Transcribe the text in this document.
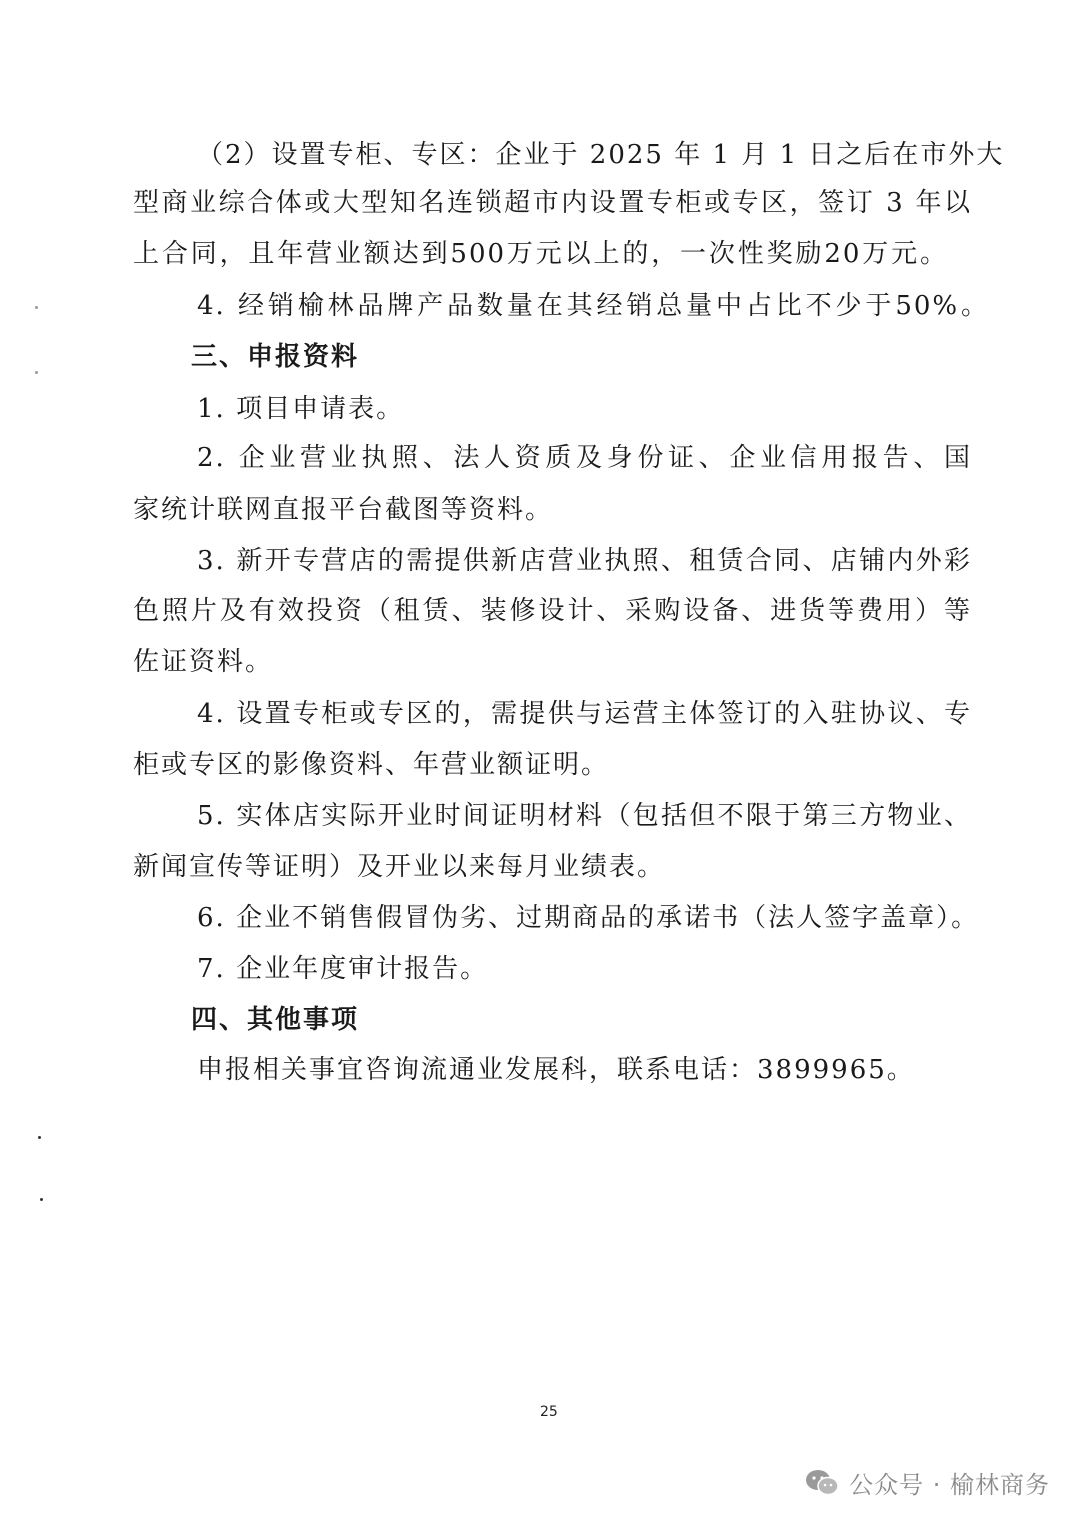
（2）设置专柜、专区：企业于 2025 年 1 月 1 日之后在市外大
型商业综合体或大型知名连锁超市内设置专柜或专区，签订 3 年以
上合同，且年营业额达到500万元以上的，一次性奖励20万元。
4. 经销榆林品牌产品数量在其经销总量中占比不少于50%。
三、申报资料
1. 项目申请表。
2. 企业营业执照、法人资质及身份证、企业信用报告、国
家统计联网直报平台截图等资料。
3. 新开专营店的需提供新店营业执照、租赁合同、店铺内外彩
色照片及有效投资（租赁、装修设计、采购设备、进货等费用）等
佐证资料。
4. 设置专柜或专区的，需提供与运营主体签订的入驻协议、专
柜或专区的影像资料、年营业额证明。
5. 实体店实际开业时间证明材料（包括但不限于第三方物业、
新闻宣传等证明）及开业以来每月业绩表。
6. 企业不销售假冒伪劣、过期商品的承诺书（法人签字盖章）。
7. 企业年度审计报告。
四、其他事项
申报相关事宜咨询流通业发展科，联系电话：3899965。
25
公众号 · 榆林商务
